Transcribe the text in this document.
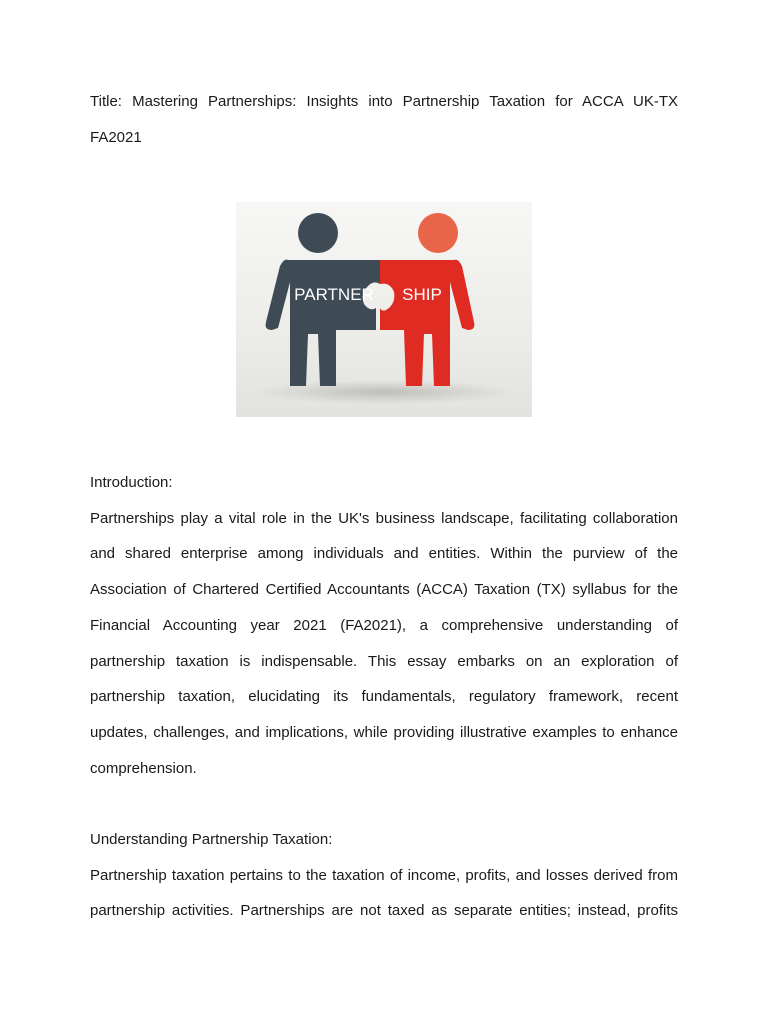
Title: Mastering Partnerships: Insights into Partnership Taxation for ACCA UK-TX
FA2021
PARTNER SHIP
Introduction:
Partnerships play a vital role in the UK's business landscape, facilitating collaboration
and shared enterprise among individuals and entities. Within the purview of the
Association of Chartered Certified Accountants (ACCA) Taxation (TX) syllabus for the
Financial Accounting year 2021 (FA2021), a comprehensive understanding of
partnership taxation is indispensable. This essay embarks on an exploration of
partnership taxation, elucidating its fundamentals, regulatory framework, recent
updates, challenges, and implications, while providing illustrative examples to enhance
comprehension.
Understanding Partnership Taxation:
Partnership taxation pertains to the taxation of income, profits, and losses derived from
partnership activities. Partnerships are not taxed as separate entities; instead, profits
